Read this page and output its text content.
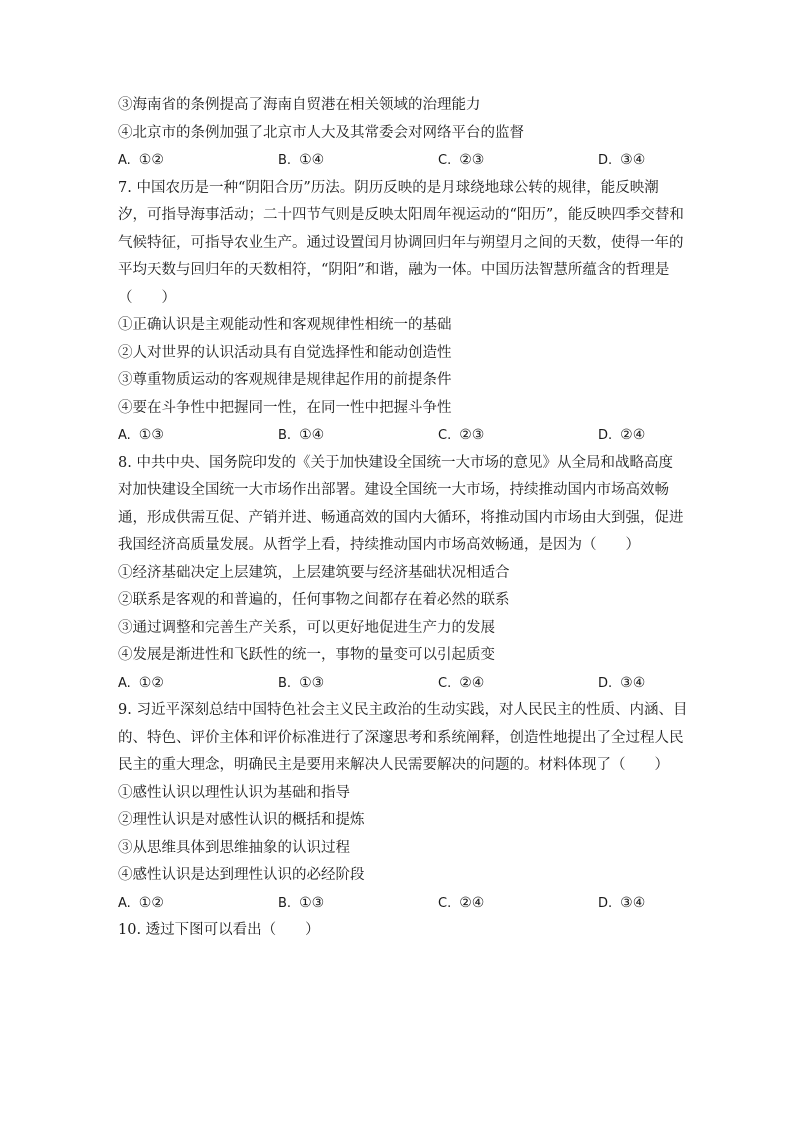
③海南省的条例提高了海南自贸港在相关领域的治理能力
④北京市的条例加强了北京市人大及其常委会对网络平台的监督
A. ①②	B. ①④	C. ②③	D. ③④
7. 中国农历是一种“阴阳合历”历法。阴历反映的是月球绕地球公转的规律，能反映潮
汐，可指导海事活动；二十四节气则是反映太阳周年视运动的“阳历”，能反映四季交替和
气候特征，可指导农业生产。通过设置闰月协调回归年与朔望月之间的天数，使得一年的
平均天数与回归年的天数相符，“阴阳”和谐，融为一体。中国历法智慧所蕴含的哲理是
（　　）
①正确认识是主观能动性和客观规律性相统一的基础
②人对世界的认识活动具有自觉选择性和能动创造性
③尊重物质运动的客观规律是规律起作用的前提条件
④要在斗争性中把握同一性，在同一性中把握斗争性
A. ①③	B. ①④	C. ②③	D. ②④
8. 中共中央、国务院印发的《关于加快建设全国统一大市场的意见》从全局和战略高度
对加快建设全国统一大市场作出部署。建设全国统一大市场，持续推动国内市场高效畅
通，形成供需互促、产销并进、畅通高效的国内大循环，将推动国内市场由大到强，促进
我国经济高质量发展。从哲学上看，持续推动国内市场高效畅通，是因为（　　）
①经济基础决定上层建筑，上层建筑要与经济基础状况相适合
②联系是客观的和普遍的，任何事物之间都存在着必然的联系
③通过调整和完善生产关系，可以更好地促进生产力的发展
④发展是渐进性和飞跃性的统一，事物的量变可以引起质变
A. ①②	B. ①③	C. ②④	D. ③④
9. 习近平深刻总结中国特色社会主义民主政治的生动实践，对人民民主的性质、内涵、目
的、特色、评价主体和评价标准进行了深邃思考和系统阐释，创造性地提出了全过程人民
民主的重大理念，明确民主是要用来解决人民需要解决的问题的。材料体现了（　　）
①感性认识以理性认识为基础和指导
②理性认识是对感性认识的概括和提炼
③从思维具体到思维抽象的认识过程
④感性认识是达到理性认识的必经阶段
A. ①②	B. ①③	C. ②④	D. ③④
10. 透过下图可以看出（　　）
